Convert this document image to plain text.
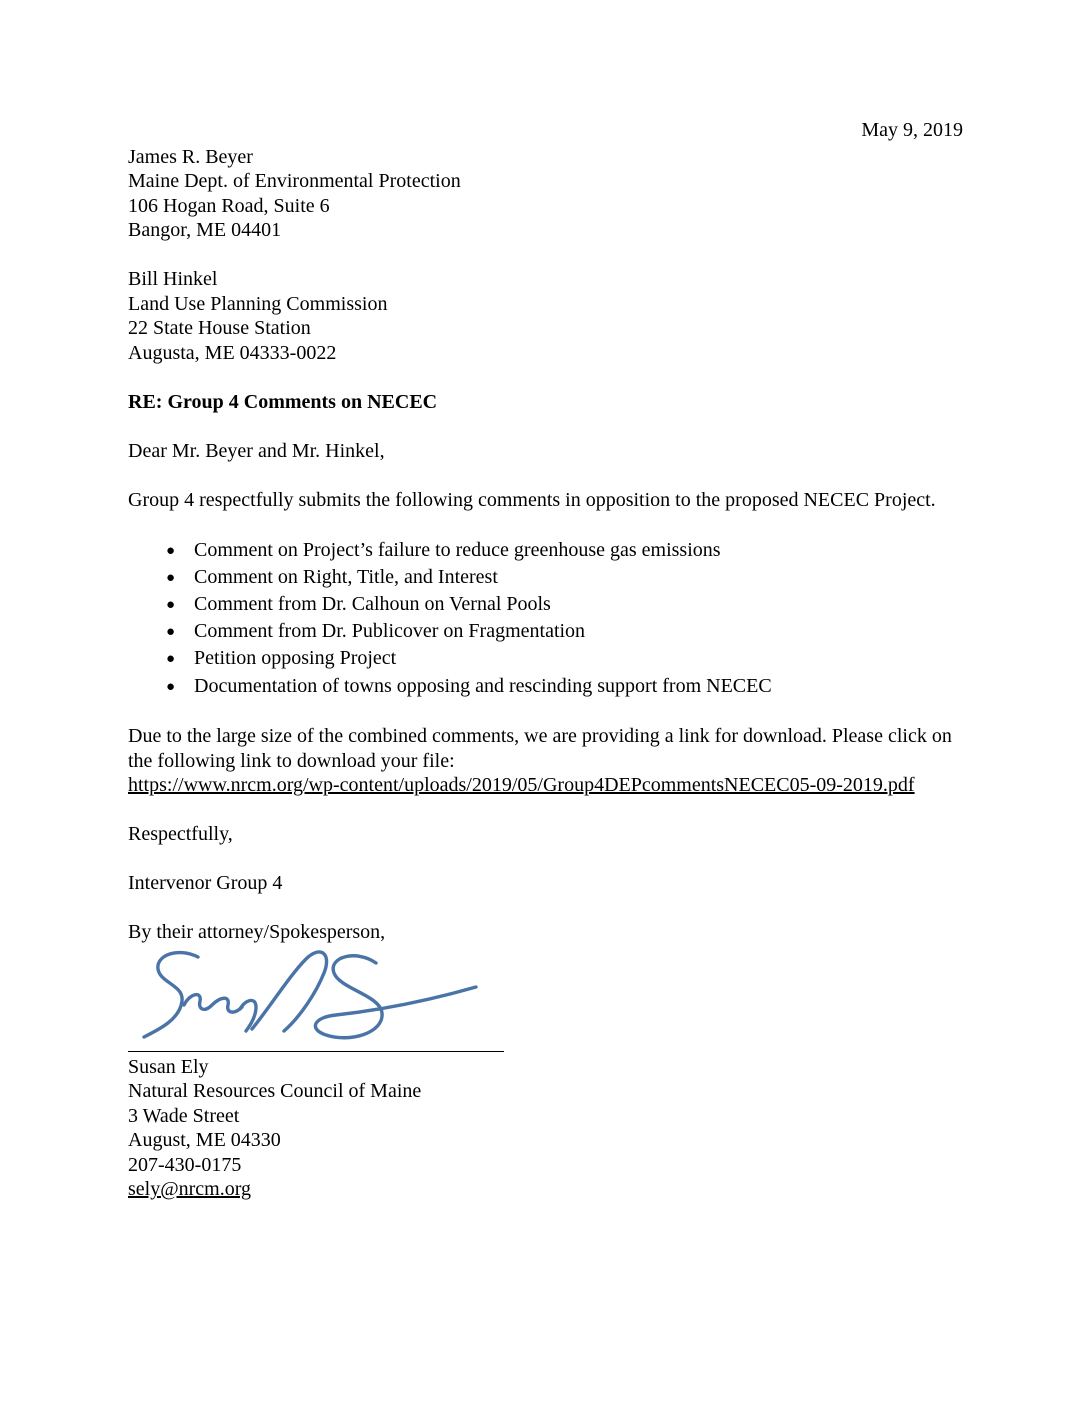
May 9, 2019
James R. Beyer
Maine Dept. of Environmental Protection
106 Hogan Road, Suite 6
Bangor, ME 04401
Bill Hinkel
Land Use Planning Commission
22 State House Station
Augusta, ME 04333-0022
RE: Group 4 Comments on NECEC

Dear Mr. Beyer and Mr. Hinkel,

Group 4 respectfully submits the following comments in opposition to the proposed NECEC Project.

● Comment on Project’s failure to reduce greenhouse gas emissions
● Comment on Right, Title, and Interest
● Comment from Dr. Calhoun on Vernal Pools
● Comment from Dr. Publicover on Fragmentation
● Petition opposing Project
● Documentation of towns opposing and rescinding support from NECEC

Due to the large size of the combined comments, we are providing a link for download. Please click on the following link to download your file:
https://www.nrcm.org/wp-content/uploads/2019/05/Group4DEPcommentsNECEC05-09-2019.pdf

Respectfully,

Intervenor Group 4

By their attorney/Spokesperson,

Susan Ely
Natural Resources Council of Maine
3 Wade Street
August, ME 04330
207-430-0175
sely@nrcm.org
